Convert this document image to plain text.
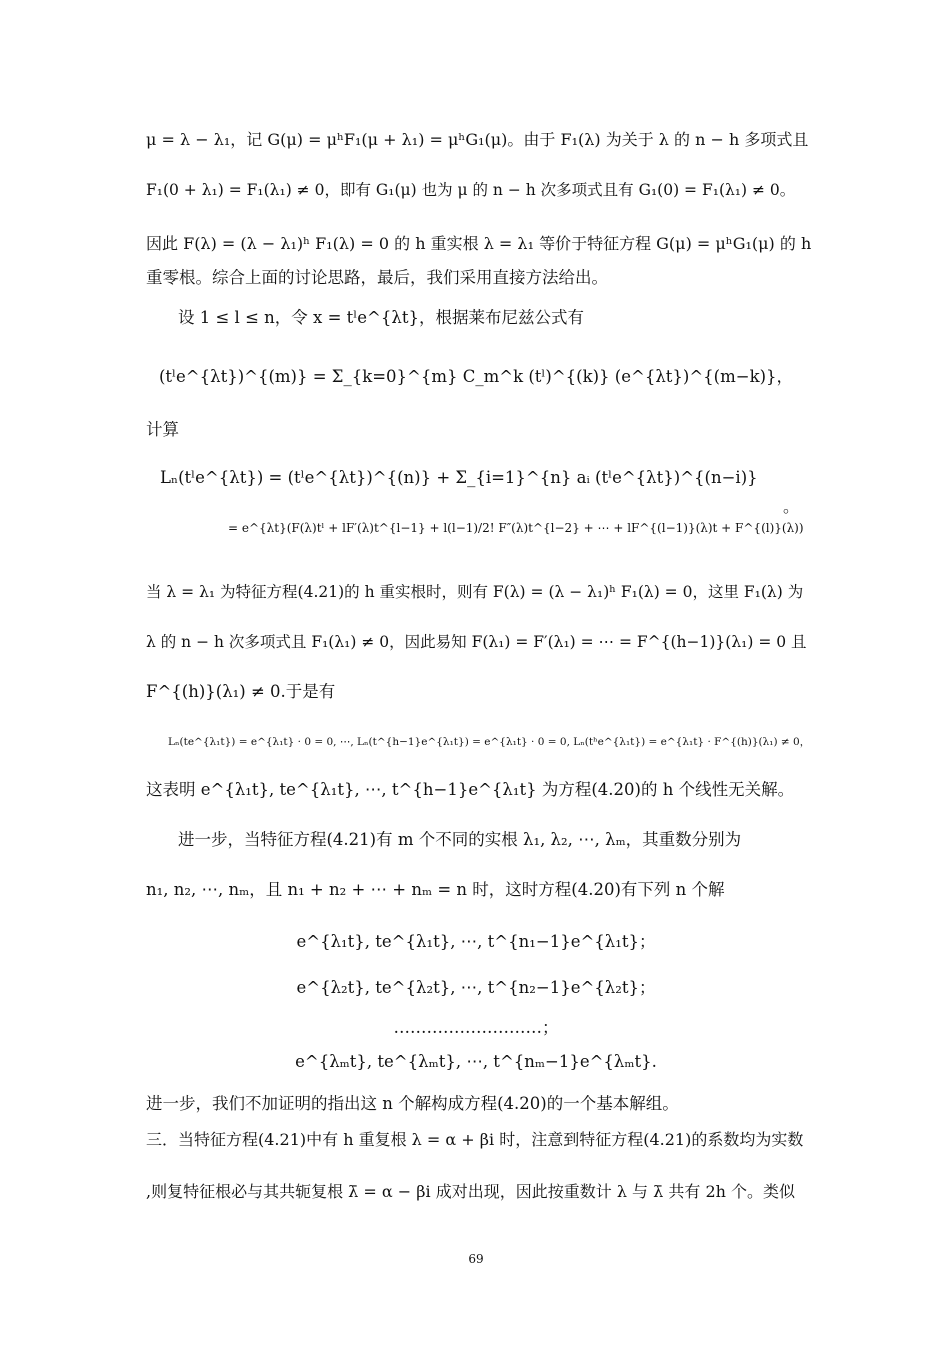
μ = λ − λ₁，记 G(μ) = μʰF₁(μ + λ₁) = μʰG₁(μ)。由于 F₁(λ) 为关于 λ 的 n − h 多项式且
F₁(0 + λ₁) = F₁(λ₁) ≠ 0，即有 G₁(μ) 也为 μ 的 n − h 次多项式且有 G₁(0) = F₁(λ₁) ≠ 0。
因此 F(λ) = (λ − λ₁)ʰ F₁(λ) = 0 的 h 重实根 λ = λ₁ 等价于特征方程 G(μ) = μʰG₁(μ) 的 h
重零根。综合上面的讨论思路，最后，我们采用直接方法给出。
设 1 ≤ l ≤ n，令 x = tˡe^{λt}，根据莱布尼兹公式有
(tˡe^{λt})^{(m)} = Σ_{k=0}^{m} C_m^k (tˡ)^{(k)} (e^{λt})^{(m−k)}，
计算
Lₙ(tˡe^{λt}) = (tˡe^{λt})^{(n)} + Σ_{i=1}^{n} aᵢ (tˡe^{λt})^{(n−i)}
= e^{λt}(F(λ)tˡ + lF′(λ)t^{l−1} + l(l−1)/2! F″(λ)t^{l−2} + ⋯ + lF^{(l−1)}(λ)t + F^{(l)}(λ))
。
当 λ = λ₁ 为特征方程(4.21)的 h 重实根时，则有 F(λ) = (λ − λ₁)ʰ F₁(λ) = 0，这里 F₁(λ) 为
λ 的 n − h 次多项式且 F₁(λ₁) ≠ 0，因此易知 F(λ₁) = F′(λ₁) = ⋯ = F^{(h−1)}(λ₁) = 0 且
F^{(h)}(λ₁) ≠ 0.于是有
Lₙ(te^{λ₁t}) = e^{λ₁t} · 0 = 0, ⋯, Lₙ(t^{h−1}e^{λ₁t}) = e^{λ₁t} · 0 = 0, Lₙ(tʰe^{λ₁t}) = e^{λ₁t} · F^{(h)}(λ₁) ≠ 0，
这表明 e^{λ₁t}, te^{λ₁t}, ⋯, t^{h−1}e^{λ₁t} 为方程(4.20)的 h 个线性无关解。
进一步，当特征方程(4.21)有 m 个不同的实根 λ₁, λ₂, ⋯, λₘ，其重数分别为
n₁, n₂, ⋯, nₘ，且 n₁ + n₂ + ⋯ + nₘ = n 时，这时方程(4.20)有下列 n 个解
e^{λ₁t}, te^{λ₁t}, ⋯, t^{n₁−1}e^{λ₁t}；
e^{λ₂t}, te^{λ₂t}, ⋯, t^{n₂−1}e^{λ₂t}；
………………………；
e^{λₘt}, te^{λₘt}, ⋯, t^{nₘ−1}e^{λₘt}.
进一步，我们不加证明的指出这 n 个解构成方程(4.20)的一个基本解组。
三．当特征方程(4.21)中有 h 重复根 λ = α + βi 时，注意到特征方程(4.21)的系数均为实数
,则复特征根必与其共轭复根 λ̄ = α − βi 成对出现，因此按重数计 λ 与 λ̄ 共有 2h 个。类似
69
